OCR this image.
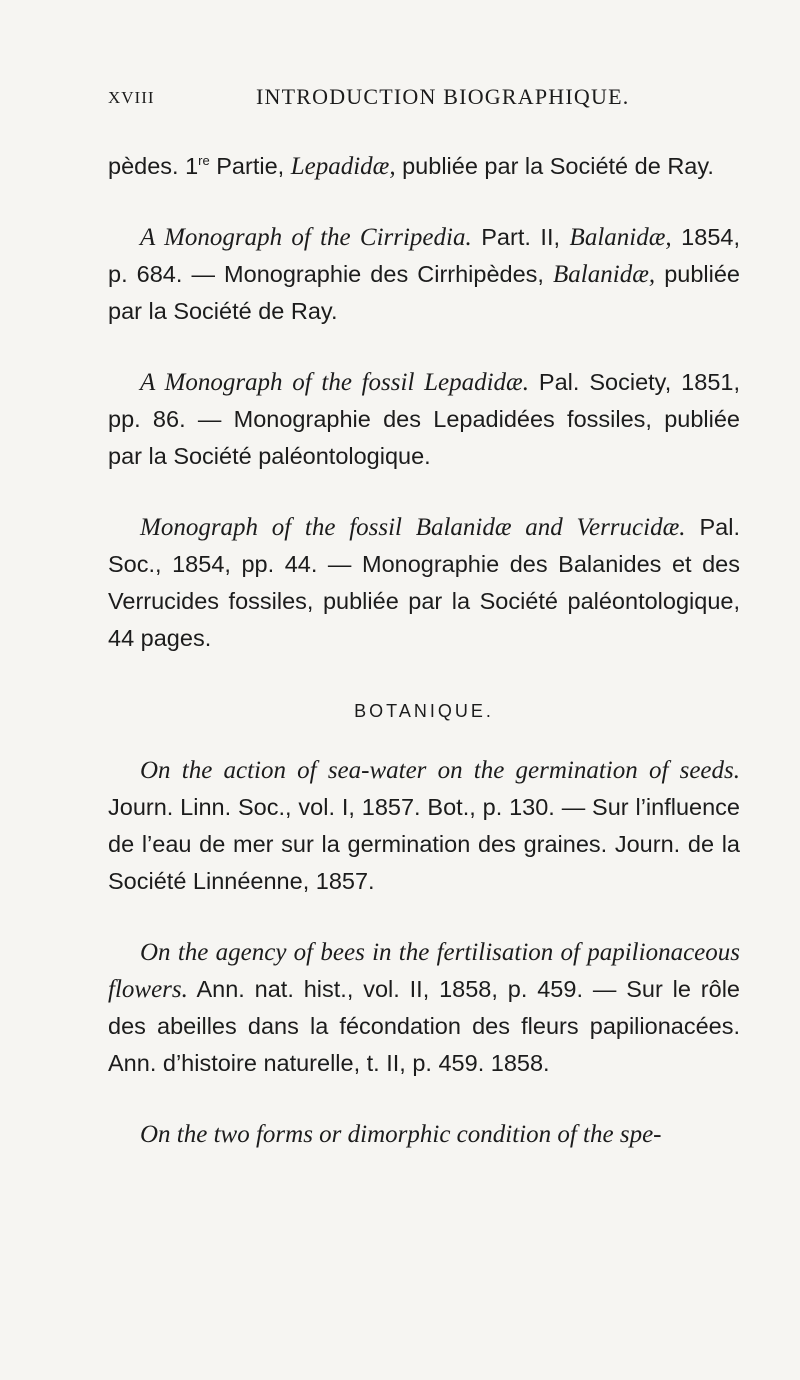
XVIII	INTRODUCTION BIOGRAPHIQUE.

pèdes. 1re Partie, Lepadidæ, publiée par la Société de Ray.

A Monograph of the Cirripedia. Part. II, Balanidæ, 1854, p. 684. — Monographie des Cirrhipèdes, Balanidæ, publiée par la Société de Ray.

A Monograph of the fossil Lepadidæ. Pal. Society, 1851, pp. 86. — Monographie des Lepadidées fossiles, publiée par la Société paléontologique.

Monograph of the fossil Balanidæ and Verrucidæ. Pal. Soc., 1854, pp. 44. — Monographie des Balanides et des Verrucides fossiles, publiée par la Société paléontologique, 44 pages.

BOTANIQUE.

On the action of sea-water on the germination of seeds. Journ. Linn. Soc., vol. I, 1857. Bot., p. 130. — Sur l’influence de l’eau de mer sur la germination des graines. Journ. de la Société Linnéenne, 1857.

On the agency of bees in the fertilisation of papilionaceous flowers. Ann. nat. hist., vol. II, 1858, p. 459. — Sur le rôle des abeilles dans la fécondation des fleurs papilionacées. Ann. d’histoire naturelle, t. II, p. 459. 1858.

On the two forms or dimorphic condition of the spe-
